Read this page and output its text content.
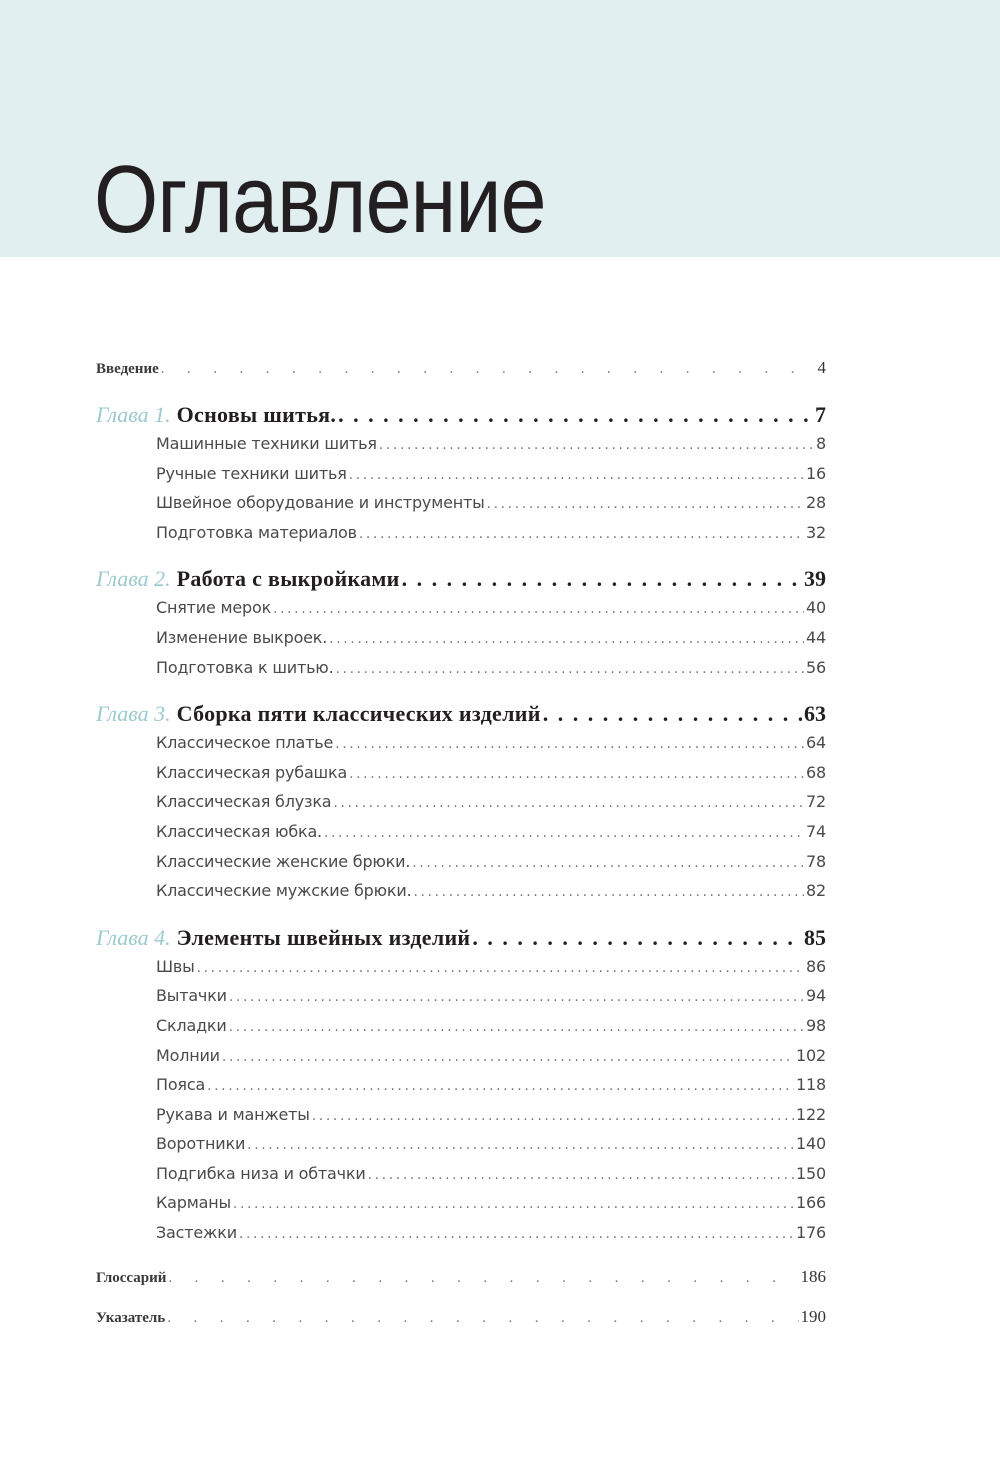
Оглавление
Введение .	4
Глава 1. Основы шитья. . . .	7
Машинные техники шитья .....	8
Ручные техники шитья .....	16
Швейное оборудование и инструменты .....	28
Подготовка материалов .....	32
Глава 2. Работа с выкройками . . .	39
Снятие мерок .....	40
Изменение выкроек. .....	44
Подготовка к шитью. .....	56
Глава 3. Сборка пяти классических изделий . . .	63
Классическое платье .....	64
Классическая рубашка .....	68
Классическая блузка .....	72
Классическая юбка. .....	74
Классические женские брюки. .....	78
Классические мужские брюки. .....	82
Глава 4. Элементы швейных изделий . . .	85
Швы .....	86
Вытачки .....	94
Складки .....	98
Молнии .....	102
Пояса .....	118
Рукава и манжеты .....	122
Воротники .....	140
Подгибка низа и обтачки .....	150
Карманы .....	166
Застежки .....	176
Глоссарий .	186
Указатель .	190
